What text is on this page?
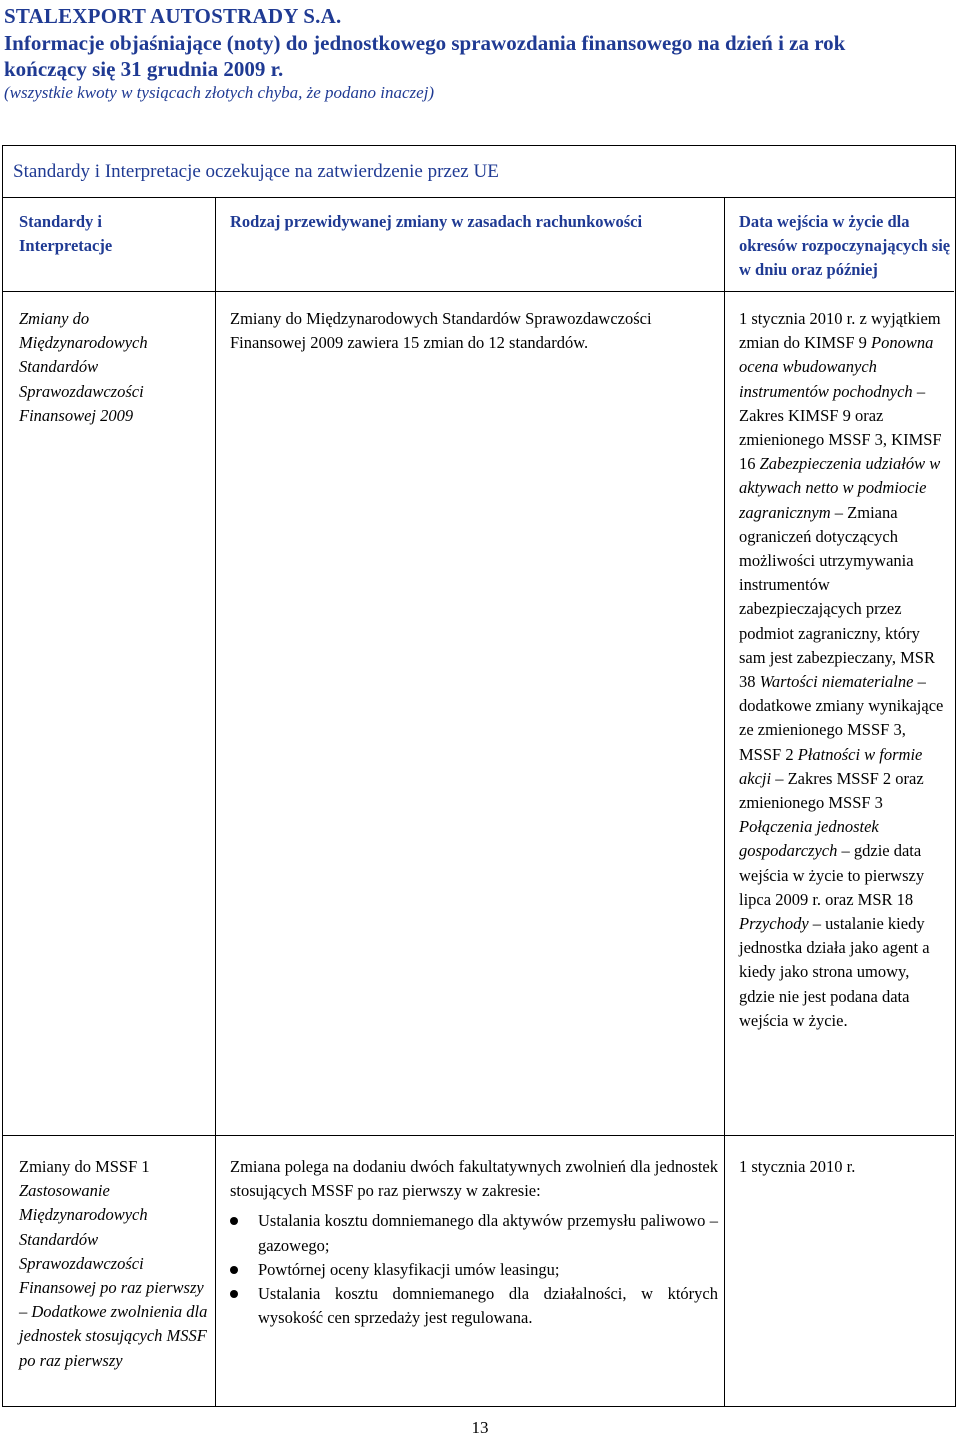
STALEXPORT AUTOSTRADY S.A.
Informacje objaśniające (noty) do jednostkowego sprawozdania finansowego na dzień i za rok
kończący się 31 grudnia 2009 r.
(wszystkie kwoty w tysiącach złotych chyba, że podano inaczej)
Standardy i Interpretacje oczekujące na zatwierdzenie przez UE
Standardy i Interpretacje
Rodzaj przewidywanej zmiany w zasadach rachunkowości	Data wejścia w życie dla okresów rozpoczynających się w dniu oraz później
Zmiany do Międzynarodowych Standardów Sprawozdawczości Finansowej 2009
Zmiany do Międzynarodowych Standardów Sprawozdawczości Finansowej 2009 zawiera 15 zmian do 12 standardów.
1 stycznia 2010 r. z wyjątkiem zmian do KIMSF 9 Ponowna ocena wbudowanych instrumentów pochodnych –Zakres KIMSF 9 oraz zmienionego MSSF 3, KIMSF 16 Zabezpieczenia udziałów w aktywach netto w podmiocie zagranicznym – Zmiana ograniczeń dotyczących możliwości utrzymywania instrumentów zabezpieczających przez podmiot zagraniczny, który sam jest zabezpieczany, MSR 38 Wartości niematerialne – dodatkowe zmiany wynikające ze zmienionego MSSF 3, MSSF 2 Płatności w formie akcji – Zakres MSSF 2 oraz zmienionego MSSF 3 Połączenia jednostek gospodarczych – gdzie data wejścia w życie to pierwszy lipca 2009 r. oraz MSR 18 Przychody – ustalanie kiedy jednostka działa jako agent a kiedy jako strona umowy, gdzie nie jest podana data wejścia w życie.
Zmiany do MSSF 1 Zastosowanie Międzynarodowych Standardów Sprawozdawczości Finansowej po raz pierwszy – Dodatkowe zwolnienia dla jednostek stosujących MSSF po raz pierwszy
Zmiana polega na dodaniu dwóch fakultatywnych zwolnień dla jednostek stosujących MSSF po raz pierwszy w zakresie:
Ustalania kosztu domniemanego dla aktywów przemysłu paliwowo – gazowego;
Powtórnej oceny klasyfikacji umów leasingu;
Ustalania kosztu domniemanego dla działalności, w których wysokość cen sprzedaży jest regulowana.
1 stycznia 2010 r.
13
